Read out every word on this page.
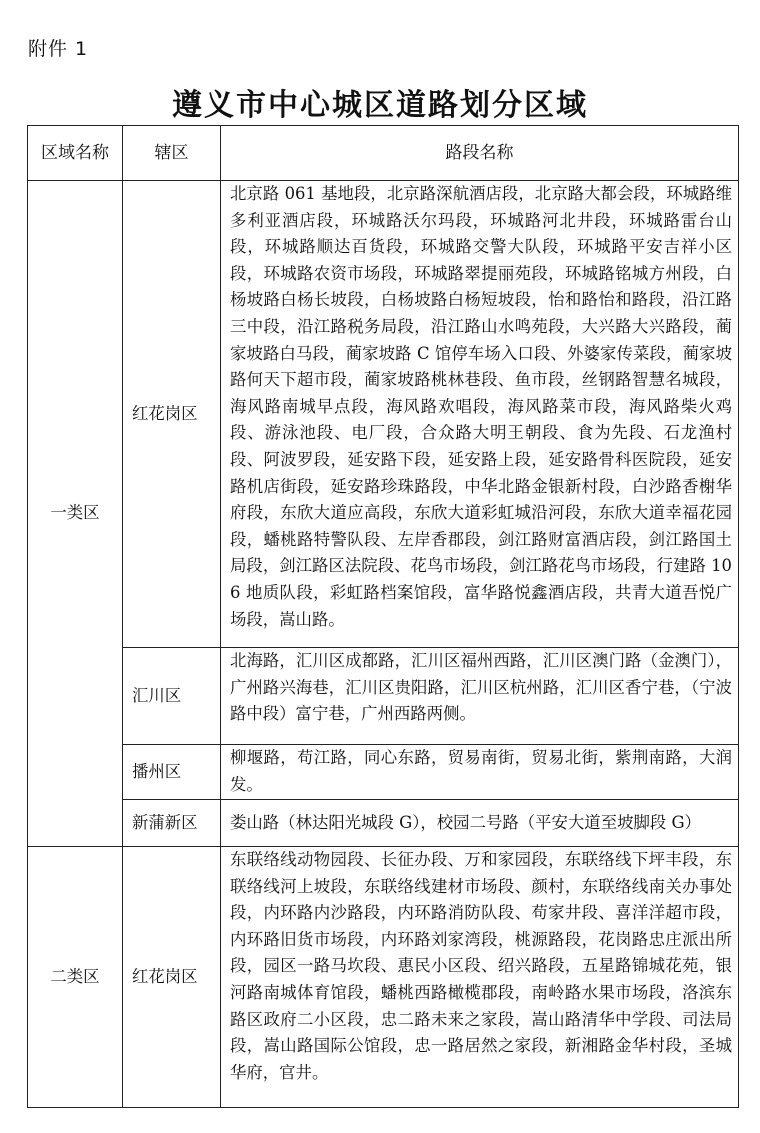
附件 1
遵义市中心城区道路划分区域
区域名称	辖区	路段名称
一类区	红花岗区	北京路 061 基地段，北京路深航酒店段，北京路大都会段，环城路维多利亚酒店段，环城路沃尔玛段，环城路河北井段，环城路雷台山段，环城路顺达百货段，环城路交警大队段，环城路平安吉祥小区段，环城路农资市场段，环城路翠提丽苑段，环城路铭城方州段，白杨坡路白杨长坡段，白杨坡路白杨短坡段，怡和路怡和路段，沿江路三中段，沿江路税务局段，沿江路山水鸣苑段，大兴路大兴路段，蔺家坡路白马段，蔺家坡路 C 馆停车场入口段、外婆家传菜段，蔺家坡路何天下超市段，蔺家坡路桃林巷段、鱼市段，丝钢路智慧名城段，海风路南城早点段，海风路欢唱段，海风路菜市段，海风路柴火鸡段、游泳池段、电厂段，合众路大明王朝段、食为先段、石龙渔村段、阿波罗段，延安路下段，延安路上段，延安路骨科医院段，延安路机店街段，延安路珍珠路段，中华北路金银新村段，白沙路香榭华府段，东欣大道应高段，东欣大道彩虹城沿河段，东欣大道幸福花园段，蟠桃路特警队段、左岸香郡段，剑江路财富酒店段，剑江路国土局段，剑江路区法院段、花鸟市场段，剑江路花鸟市场段，行建路 106 地质队段，彩虹路档案馆段，富华路悦鑫酒店段，共青大道吾悦广场段，嵩山路。

	汇川区	北海路，汇川区成都路，汇川区福州西路，汇川区澳门路（金澳门），广州路兴海巷，汇川区贵阳路，汇川区杭州路，汇川区香宁巷，（宁波路中段）富宁巷，广州西路两侧。

	播州区	柳堰路，苟江路，同心东路，贸易南街，贸易北街，紫荆南路，大润发。

	新蒲新区	娄山路（林达阳光城段 G），校园二号路（平安大道至坡脚段 G）

二类区	红花岗区	东联络线动物园段、长征办段、万和家园段，东联络线下坪丰段，东联络线河上坡段，东联络线建材市场段、颜村，东联络线南关办事处段，内环路内沙路段，内环路消防队段、苟家井段、喜洋洋超市段，内环路旧货市场段，内环路刘家湾段，桃源路段，花岗路忠庄派出所段，园区一路马坎段、惠民小区段、绍兴路段，五星路锦城花苑，银河路南城体育馆段，蟠桃西路橄榄郡段，南岭路水果市场段，洛滨东路区政府二小区段，忠二路未来之家段，嵩山路清华中学段、司法局段，嵩山路国际公馆段，忠一路居然之家段，新湘路金华村段，圣城华府，官井。
